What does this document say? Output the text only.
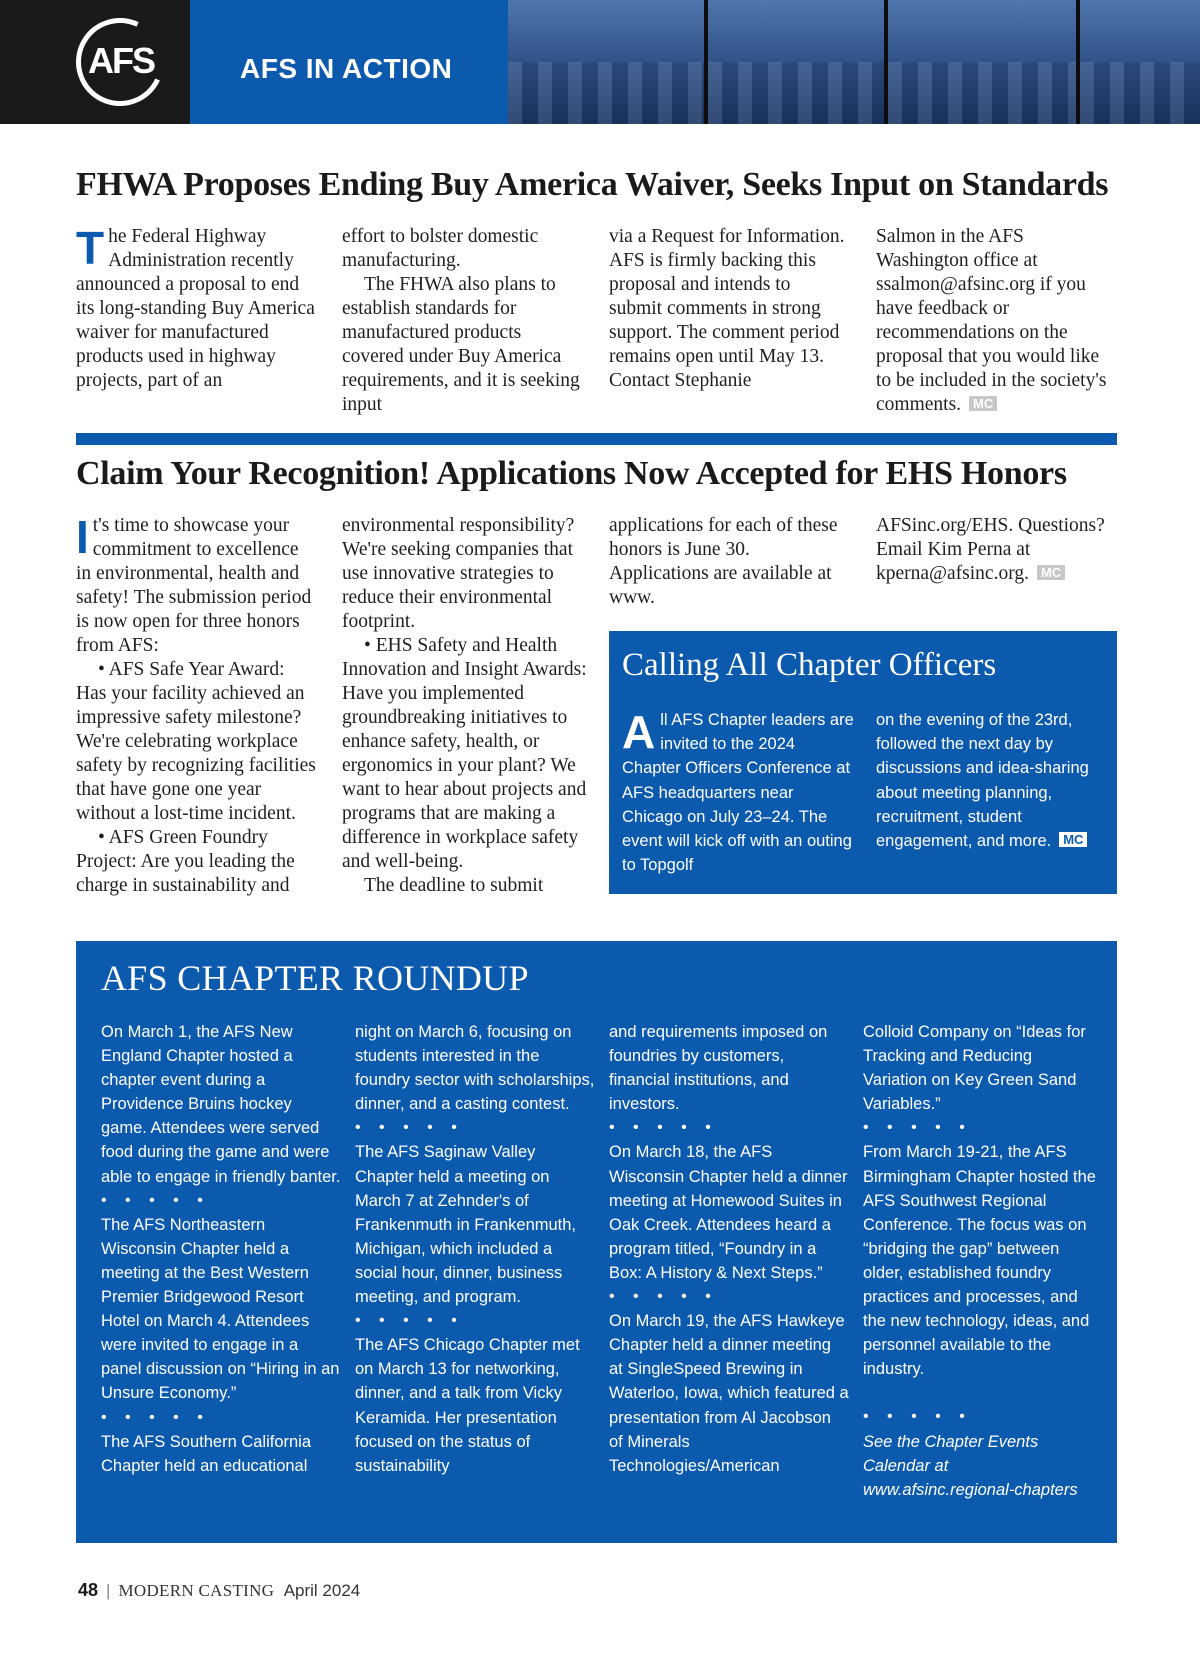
AFS	AFS IN ACTION
FHWA Proposes Ending Buy America Waiver, Seeks Input on Standards

The Federal Highway Administration recently announced a proposal to end its long-standing Buy America waiver for manufactured products used in highway projects, part of an

effort to bolster domestic manufacturing.

The FHWA also plans to establish standards for manufactured products covered under Buy America requirements, and it is seeking input

via a Request for Information. AFS is firmly backing this proposal and intends to submit comments in strong support. The comment period remains open until May 13. Contact Stephanie

Salmon in the AFS Washington office at ssalmon@afsinc.org if you have feedback or recommendations on the proposal that you would like to be included in the society's comments. MC

Claim Your Recognition! Applications Now Accepted for EHS Honors

It's time to showcase your commitment to excellence in environmental, health and safety! The submission period is now open for three honors from AFS:

• AFS Safe Year Award: Has your facility achieved an impressive safety milestone? We're celebrating workplace safety by recognizing facilities that have gone one year without a lost-time incident.

• AFS Green Foundry Project: Are you leading the charge in sustainability and

environmental responsibility? We're seeking companies that use innovative strategies to reduce their environmental footprint.

• EHS Safety and Health Innovation and Insight Awards: Have you implemented groundbreaking initiatives to enhance safety, health, or ergonomics in your plant? We want to hear about projects and programs that are making a difference in workplace safety and well-being.

The deadline to submit

applications for each of these honors is June 30. Applications are available at www.

AFSinc.org/EHS. Questions? Email Kim Perna at kperna@afsinc.org. MC

Calling All Chapter Officers

All AFS Chapter leaders are invited to the 2024 Chapter Officers Conference at AFS headquarters near Chicago on July 23–24. The event will kick off with an outing to Topgolf

on the evening of the 23rd, followed the next day by discussions and idea-sharing about meeting planning, recruitment, student engagement, and more. MC

AFS CHAPTER ROUNDUP

On March 1, the AFS New England Chapter hosted a chapter event during a Providence Bruins hockey game. Attendees were served food during the game and were able to engage in friendly banter.

• • • • •

The AFS Northeastern Wisconsin Chapter held a meeting at the Best Western Premier Bridgewood Resort Hotel on March 4. Attendees were invited to engage in a panel discussion on “Hiring in an Unsure Economy.”

• • • • •

The AFS Southern California Chapter held an educational

night on March 6, focusing on students interested in the foundry sector with scholarships, dinner, and a casting contest.

• • • • •

The AFS Saginaw Valley Chapter held a meeting on March 7 at Zehnder's of Frankenmuth in Frankenmuth, Michigan, which included a social hour, dinner, business meeting, and program.

• • • • •

The AFS Chicago Chapter met on March 13 for networking, dinner, and a talk from Vicky Keramida. Her presentation focused on the status of sustainability

and requirements imposed on foundries by customers, financial institutions, and investors.

• • • • •

On March 18, the AFS Wisconsin Chapter held a dinner meeting at Homewood Suites in Oak Creek. Attendees heard a program titled, “Foundry in a Box: A History & Next Steps.”

• • • • •

On March 19, the AFS Hawkeye Chapter held a dinner meeting at SingleSpeed Brewing in Waterloo, Iowa, which featured a presentation from Al Jacobson of Minerals Technologies/American

Colloid Company on “Ideas for Tracking and Reducing Variation on Key Green Sand Variables.”

• • • • •

From March 19-21, the AFS Birmingham Chapter hosted the AFS Southwest Regional Conference. The focus was on “bridging the gap” between older, established foundry practices and processes, and the new technology, ideas, and personnel available to the industry.

• • • • •

See the Chapter Events Calendar at www.afsinc.regional-chapters

48 | MODERN CASTING April 2024
